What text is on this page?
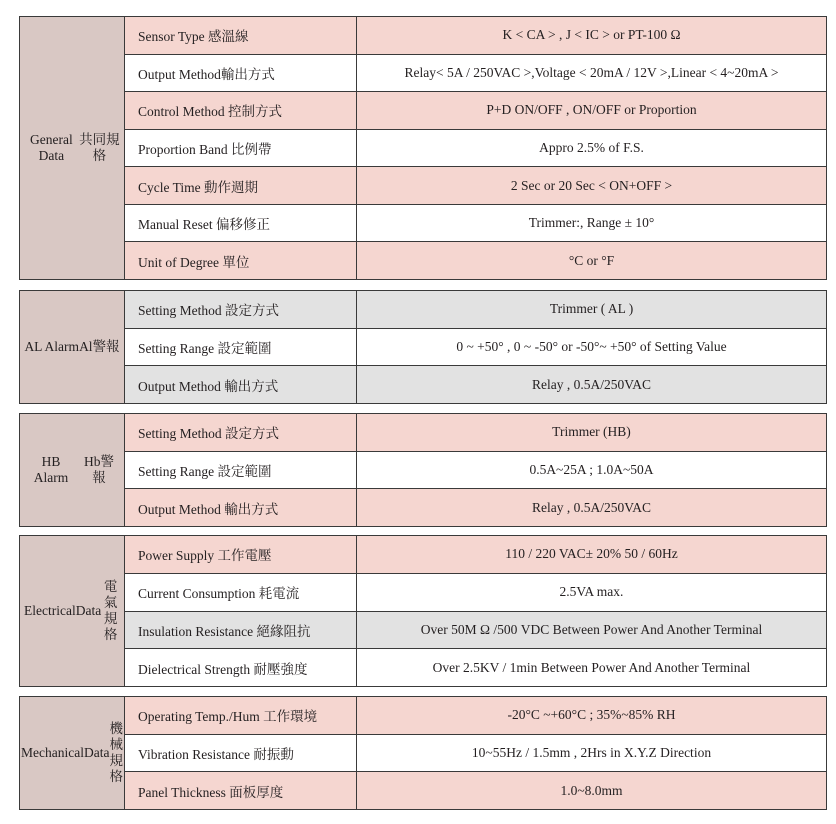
General Data
共同規格
Sensor Type 感溫線	K < CA > , J < IC > or PT-100 Ω
Output Method輸出方式	Relay< 5A / 250VAC >,Voltage < 20mA / 12V >,Linear < 4~20mA >
Control Method 控制方式	P+D ON/OFF , ON/OFF or Proportion
Proportion Band 比例帶	Appro 2.5% of F.S.
Cycle Time 動作週期	2 Sec or 20 Sec < ON+OFF >
Manual Reset 偏移修正	Trimmer:, Range ± 10°
Unit of Degree 單位	°C or °F
AL Alarm Al警報
Setting Method 設定方式	Trimmer ( AL )
Setting Range 設定範圍	0 ~ +50° , 0 ~ -50° or -50°~ +50° of Setting Value
Output Method 輸出方式	Relay , 0.5A/250VAC
HB Alarm
Hb警報
Setting Method 設定方式	Trimmer (HB)
Setting Range 設定範圍	0.5A~25A ; 1.0A~50A
Output Method 輸出方式	Relay , 0.5A/250VAC
Electrical Data
電氣規格
Power Supply 工作電壓	110 / 220 VAC± 20% 50 / 60Hz
Current Consumption 耗電流	2.5VA max.
Insulation Resistance 絕緣阻抗	Over 50M Ω /500 VDC Between Power And Another Terminal
Dielectrical Strength 耐壓強度	Over 2.5KV / 1min Between Power And Another Terminal
Mechanical Data
機械規格
Operating Temp./Hum 工作環境	-20°C ~+60°C ; 35%~85% RH
Vibration Resistance 耐振動	10~55Hz / 1.5mm , 2Hrs in X.Y.Z Direction
Panel Thickness 面板厚度	1.0~8.0mm
